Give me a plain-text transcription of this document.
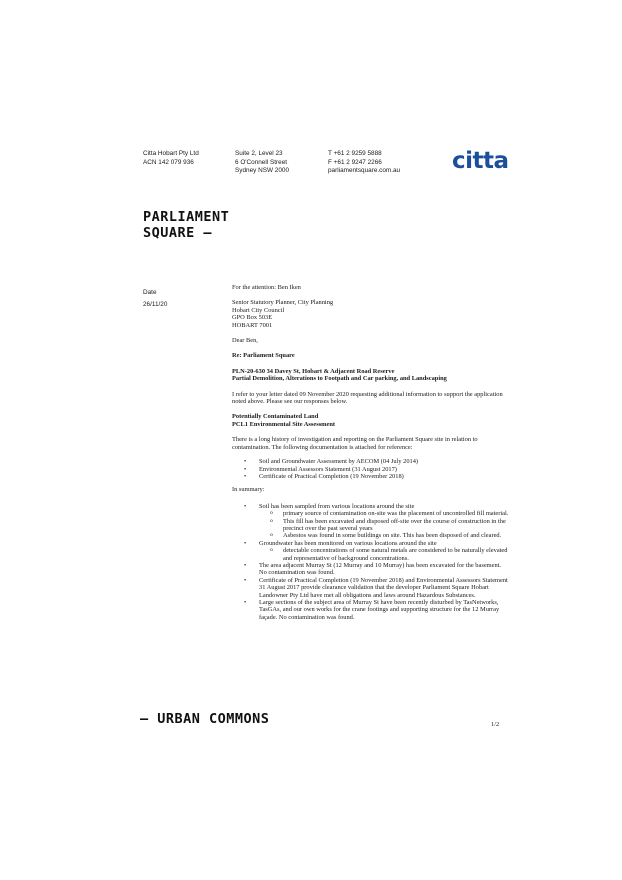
Citta Hobart Pty Ltd
ACN 142 079 936
Suite 2, Level 23
6 O'Connell Street
Sydney NSW 2000
T +61 2 9259 5888
F +61 2 9247 2266
parliamentsquare.com.au citta
PARLIAMENT
SQUARE —
Date
26/11/20
For the attention: Ben Iken
Senior Statutory Planner, City Planning
Hobart City Council
GPO Box 503E
HOBART 7001
Dear Ben,
Re: Parliament Square
PLN-20-630 34 Davey St, Hobart & Adjacent Road Reserve
Partial Demolition, Alterations to Footpath and Car parking, and Landscaping
I refer to your letter dated 09 November 2020 requesting additional information to support the application noted above. Please see our responses below.
Potentially Contaminated Land
PCL1 Environmental Site Assessment
There is a long history of investigation and reporting on the Parliament Square site in relation to contamination. The following documentation is attached for reference:
• Soil and Groundwater Assessment by AECOM (04 July 2014)
• Environmental Assessors Statement (31 August 2017)
• Certificate of Practical Completion (19 November 2018)
In summary:
• Soil has been sampled from various locations around the site
o primary source of contamination on-site was the placement of uncontrolled fill material.
o This fill has been excavated and disposed off-site over the course of construction in the precinct over the past several years
o Asbestos was found in some buildings on site. This has been disposed of and cleared.
• Groundwater has been monitored on various locations around the site
o detectable concentrations of some natural metals are considered to be naturally elevated and representative of background concentrations.
• The area adjacent Murray St (12 Murray and 10 Murray) has been excavated for the basement. No contamination was found.
• Certificate of Practical Completion (19 November 2018) and Environmental Assessors Statement 31 August 2017 provide clearance validation that the developer Parliament Square Hobart Landowner Pty Ltd have met all obligations and laws around Hazardous Substances.
• Large sections of the subject area of Murray St have been recently disturbed by TasNetworks, TasGAs, and our own works for the crane footings and supporting structure for the 12 Murray façade. No contamination was found.
— URBAN COMMONS	1/2
